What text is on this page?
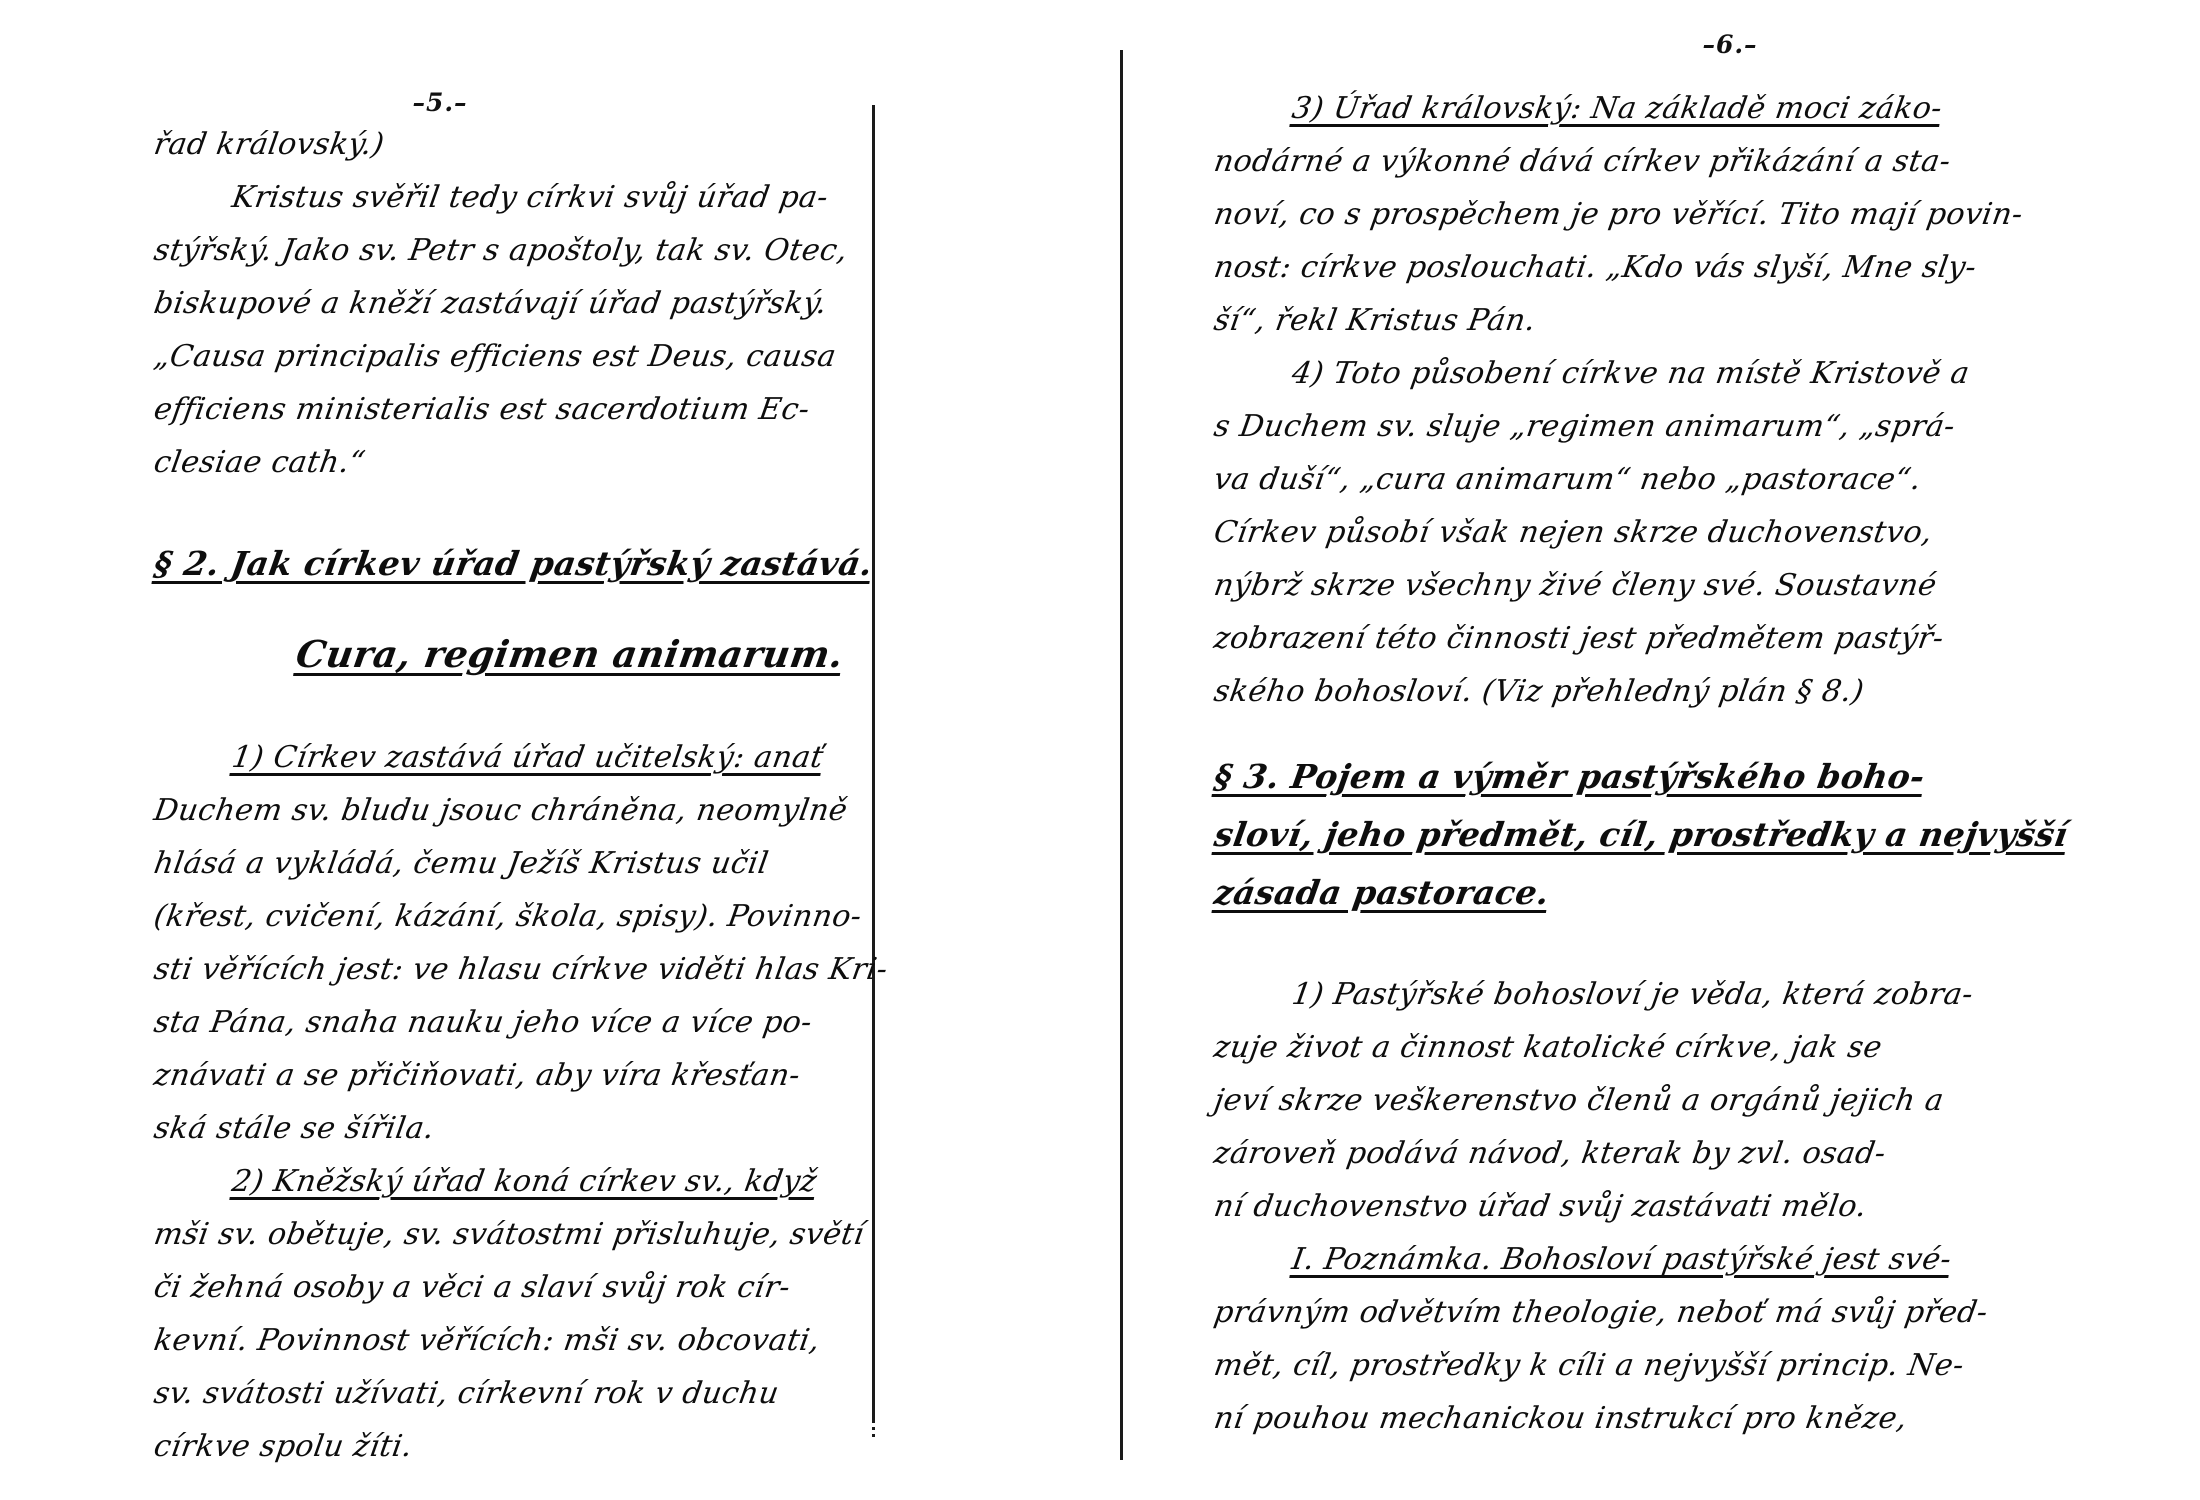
–5.–
řad královský.)
Kristus svěřil tedy církvi svůj úřad pa-
stýřský. Jako sv. Petr s apoštoly, tak sv. Otec,
biskupové a kněží zastávají úřad pastýřský.
„Causa principalis efficiens est Deus, causa
efficiens ministerialis est sacerdotium Ec-
clesiae cath.“
§ 2. Jak církev úřad pastýřský zastává.
Cura, regimen animarum.
1) Církev zastává úřad učitelský: anať
Duchem sv. bludu jsouc chráněna, neomylně
hlásá a vykládá, čemu Ježíš Kristus učil
(křest, cvičení, kázání, škola, spisy). Povinno-
sti věřících jest: ve hlasu církve viděti hlas Kri-
sta Pána, snaha nauku jeho více a více po-
znávati a se přičiňovati, aby víra křesťan-
ská stále se šířila.
2) Kněžský úřad koná církev sv., když
mši sv. obětuje, sv. svátostmi přisluhuje, světí
či žehná osoby a věci a slaví svůj rok cír-
kevní. Povinnost věřících: mši sv. obcovati,
sv. svátosti užívati, církevní rok v duchu
církve spolu žíti.
–6.–
3) Úřad královský: Na základě moci záko-
nodárné a výkonné dává církev přikázání a sta-
noví, co s prospěchem je pro věřící. Tito mají povin-
nost: církve poslouchati. „Kdo vás slyší, Mne sly-
ší“, řekl Kristus Pán.
4) Toto působení církve na místě Kristově a
s Duchem sv. sluje „regimen animarum“, „sprá-
va duší“, „cura animarum“ nebo „pastorace“.
Církev působí však nejen skrze duchovenstvo,
nýbrž skrze všechny živé členy své. Soustavné
zobrazení této činnosti jest předmětem pastýř-
ského bohosloví. (Viz přehledný plán § 8.)
§ 3. Pojem a výměr pastýřského boho-
sloví, jeho předmět, cíl, prostředky a nejvyšší
zásada pastorace.
1) Pastýřské bohosloví je věda, která zobra-
zuje život a činnost katolické církve, jak se
jeví skrze veškerenstvo členů a orgánů jejich a
zároveň podává návod, kterak by zvl. osad-
ní duchovenstvo úřad svůj zastávati mělo.
I. Poznámka. Bohosloví pastýřské jest své-
právným odvětvím theologie, neboť má svůj před-
mět, cíl, prostředky k cíli a nejvyšší princip. Ne-
ní pouhou mechanickou instrukcí pro kněze,
